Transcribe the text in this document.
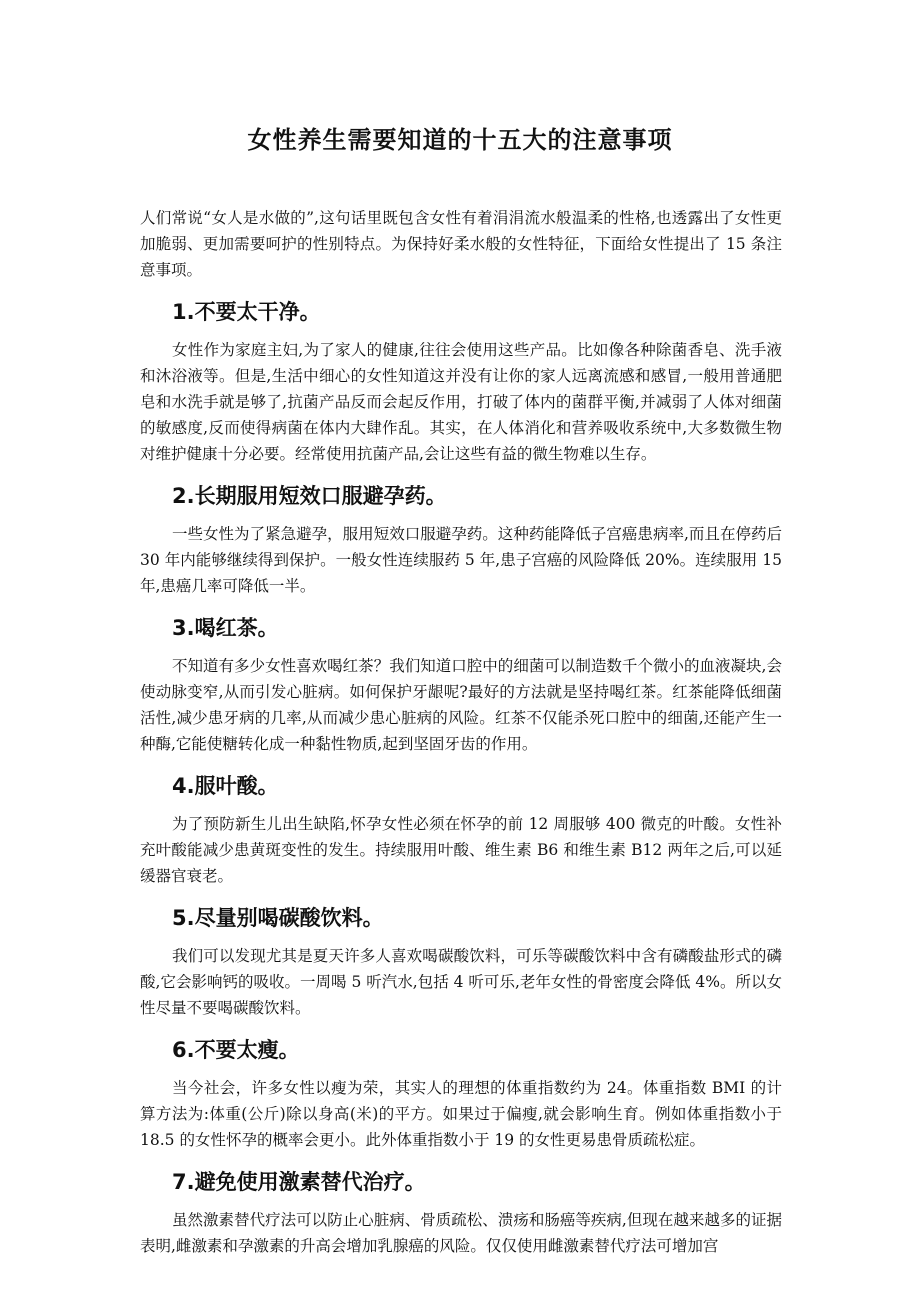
女性养生需要知道的十五大的注意事项

人们常说“女人是水做的”,这句话里既包含女性有着涓涓流水般温柔的性格,也透露出了女性更加脆弱、更加需要呵护的性别特点。为保持好柔水般的女性特征，下面给女性提出了 15 条注意事项。

1.不要太干净。

女性作为家庭主妇,为了家人的健康,往往会使用这些产品。比如像各种除菌香皂、洗手液和沐浴液等。但是,生活中细心的女性知道这并没有让你的家人远离流感和感冒,一般用普通肥皂和水洗手就是够了,抗菌产品反而会起反作用，打破了体内的菌群平衡,并减弱了人体对细菌的敏感度,反而使得病菌在体内大肆作乱。其实，在人体消化和营养吸收系统中,大多数微生物对维护健康十分必要。经常使用抗菌产品,会让这些有益的微生物难以生存。

2.长期服用短效口服避孕药。

一些女性为了紧急避孕，服用短效口服避孕药。这种药能降低子宫癌患病率,而且在停药后 30 年内能够继续得到保护。一般女性连续服药 5 年,患子宫癌的风险降低 20%。连续服用 15 年,患癌几率可降低一半。

3.喝红茶。

不知道有多少女性喜欢喝红茶？我们知道口腔中的细菌可以制造数千个微小的血液凝块,会使动脉变窄,从而引发心脏病。如何保护牙龈呢?最好的方法就是坚持喝红茶。红茶能降低细菌活性,减少患牙病的几率,从而减少患心脏病的风险。红茶不仅能杀死口腔中的细菌,还能产生一种酶,它能使糖转化成一种黏性物质,起到坚固牙齿的作用。

4.服叶酸。

为了预防新生儿出生缺陷,怀孕女性必须在怀孕的前 12 周服够 400 微克的叶酸。女性补充叶酸能减少患黄斑变性的发生。持续服用叶酸、维生素 B6 和维生素 B12 两年之后,可以延缓器官衰老。

5.尽量别喝碳酸饮料。

我们可以发现尤其是夏天许多人喜欢喝碳酸饮料，可乐等碳酸饮料中含有磷酸盐形式的磷酸,它会影响钙的吸收。一周喝 5 听汽水,包括 4 听可乐,老年女性的骨密度会降低 4%。所以女性尽量不要喝碳酸饮料。

6.不要太瘦。

当今社会，许多女性以瘦为荣，其实人的理想的体重指数约为 24。体重指数 BMI 的计算方法为:体重(公斤)除以身高(米)的平方。如果过于偏瘦,就会影响生育。例如体重指数小于 18.5 的女性怀孕的概率会更小。此外体重指数小于 19 的女性更易患骨质疏松症。

7.避免使用激素替代治疗。

虽然激素替代疗法可以防止心脏病、骨质疏松、溃疡和肠癌等疾病,但现在越来越多的证据表明,雌激素和孕激素的升高会增加乳腺癌的风险。仅仅使用雌激素替代疗法可增加宫
